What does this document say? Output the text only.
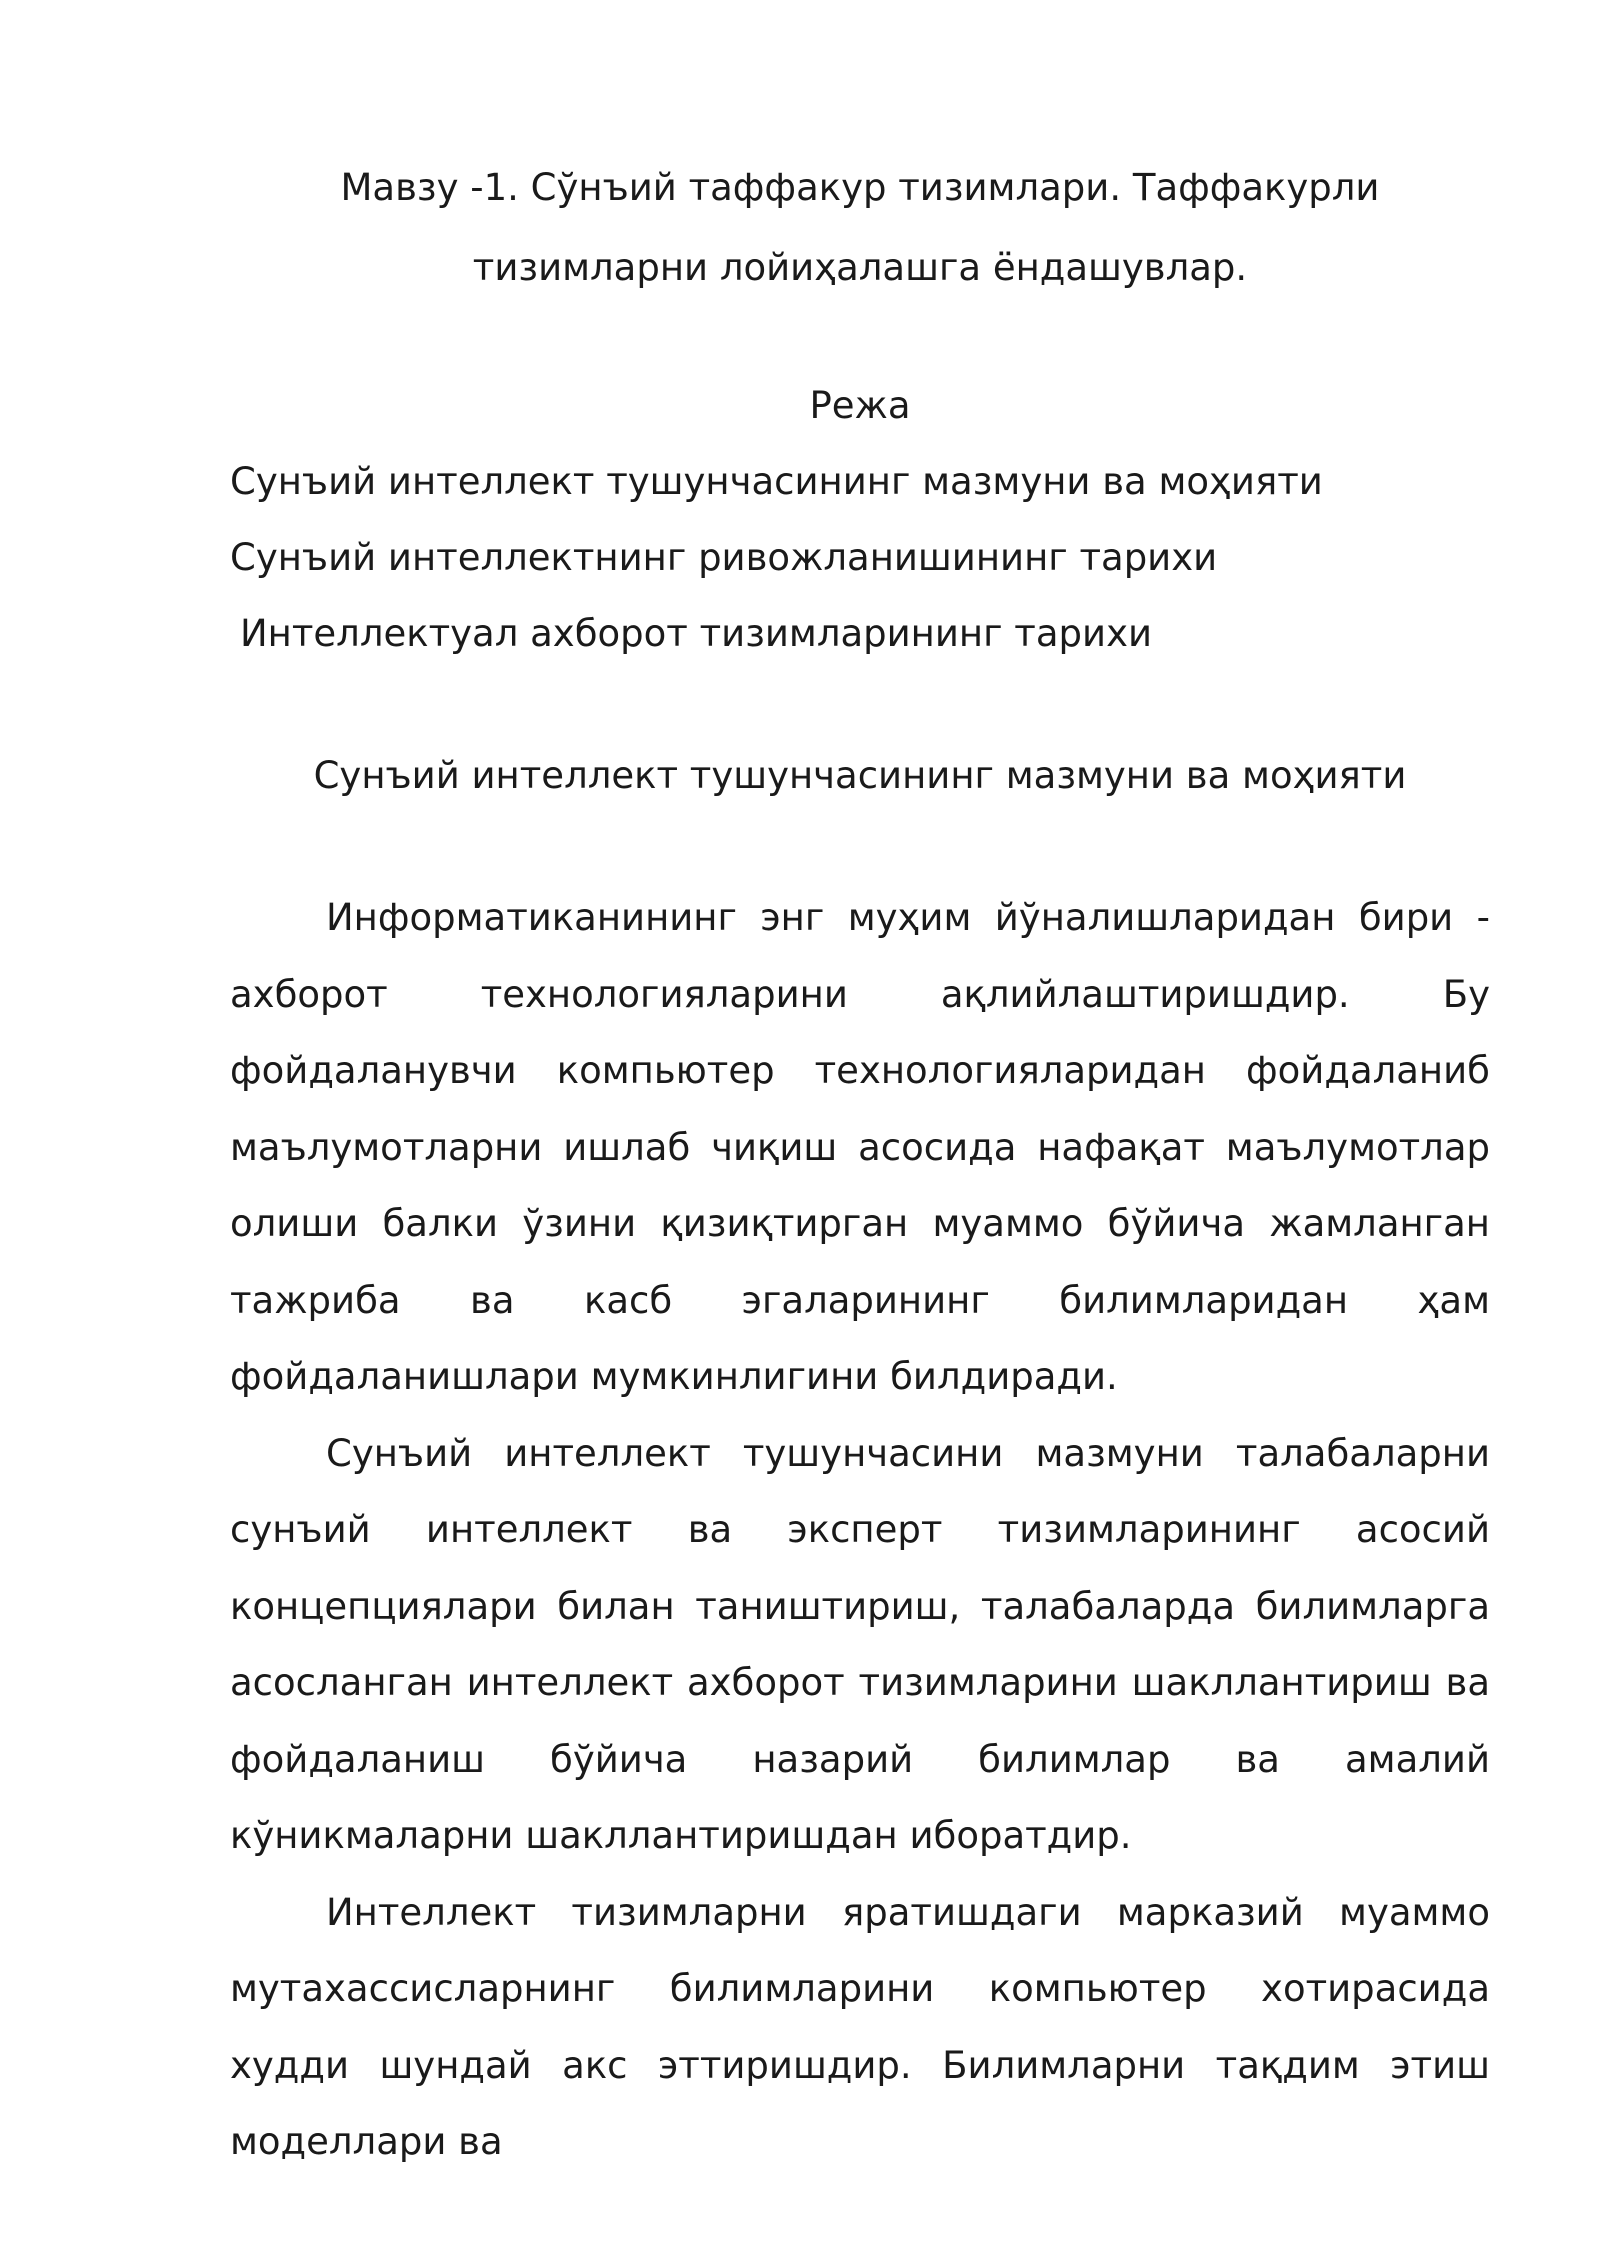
Мавзу -1. Сўнъий таффакур тизимлари. Таффакурли тизимларни лойиҳалашга ёндашувлар.
Режа
Сунъий интеллект тушунчасининг мазмуни ва моҳияти
Сунъий интеллектнинг ривожланишининг тарихи
Интеллектуал ахборот тизимларининг тарихи
Сунъий интеллект тушунчасининг мазмуни ва моҳияти

Информатиканининг энг муҳим йўналишларидан бири - ахборот технологияларини ақлийлаштиришдир. Бу фойдаланувчи компьютер технологияларидан фойдаланиб маълумотларни ишлаб чиқиш асосида нафақат маълумотлар олиши балки ўзини қизиқтирган муаммо бўйича жамланган тажриба ва касб эгаларининг билимларидан ҳам фойдаланишлари мумкинлигини билдиради.

Сунъий интеллект тушунчасини мазмуни талабаларни сунъий интеллект ва эксперт тизимларининг асосий концепциялари билан таништириш, талабаларда билимларга асосланган интеллект ахборот тизимларини шакллантириш ва фойдаланиш бўйича назарий билимлар ва амалий кўникмаларни шакллантиришдан иборатдир.

Интеллект тизимларни яратишдаги марказий муаммо мутахассисларнинг билимларини компьютер хотирасида худди шундай акс эттиришдир. Билимларни тақдим этиш моделлари ва
